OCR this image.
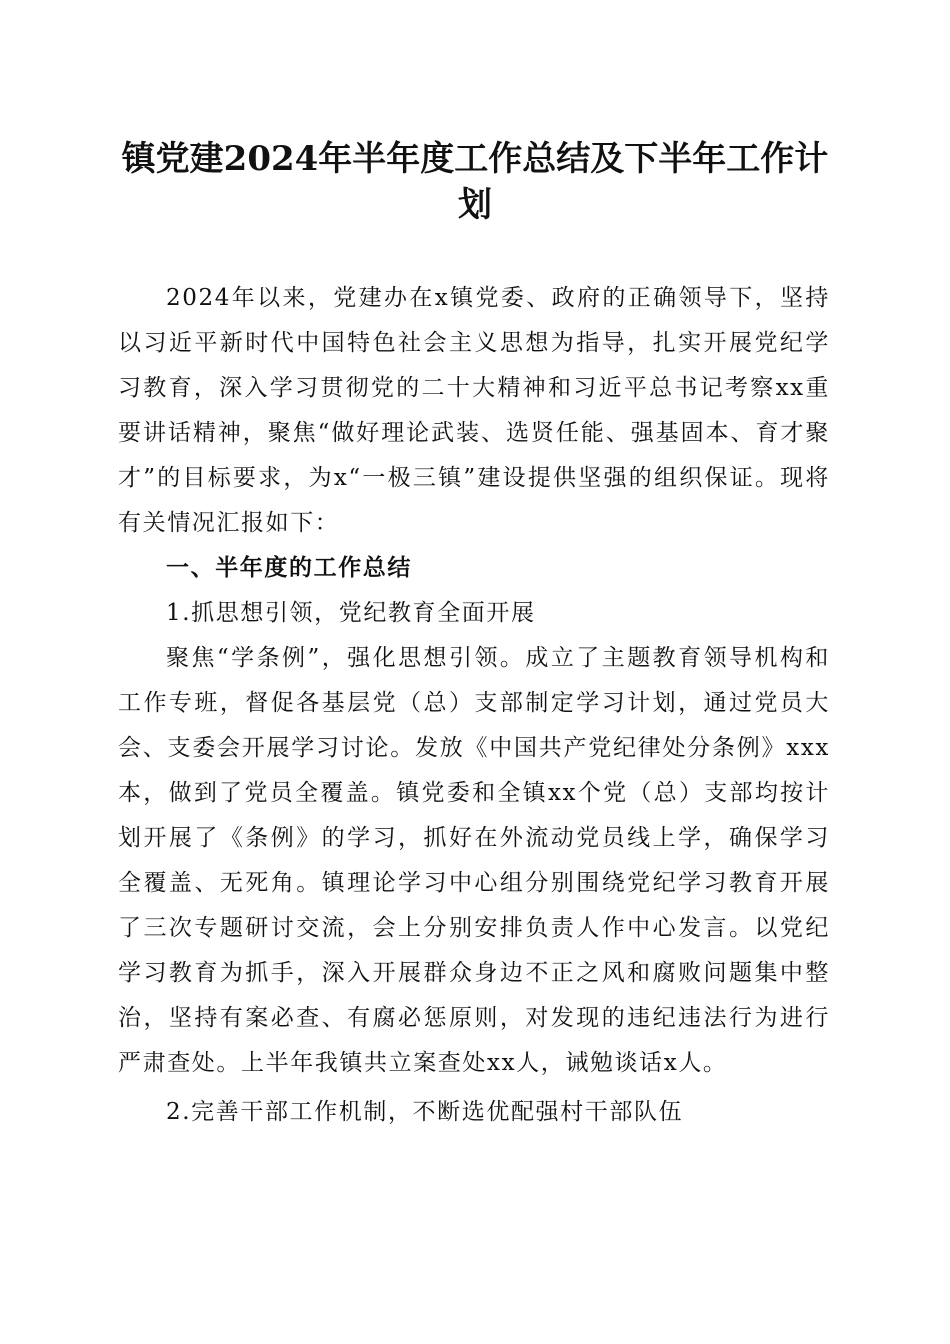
镇党建2024年半年度工作总结及下半年工作计划

2024年以来，党建办在x镇党委、政府的正确领导下，坚持以习近平新时代中国特色社会主义思想为指导，扎实开展党纪学习教育，深入学习贯彻党的二十大精神和习近平总书记考察xx重要讲话精神，聚焦“做好理论武装、选贤任能、强基固本、育才聚才”的目标要求，为x“一极三镇”建设提供坚强的组织保证。现将有关情况汇报如下：

一、半年度的工作总结

1.抓思想引领，党纪教育全面开展

聚焦“学条例”，强化思想引领。成立了主题教育领导机构和工作专班，督促各基层党（总）支部制定学习计划，通过党员大会、支委会开展学习讨论。发放《中国共产党纪律处分条例》xxx本，做到了党员全覆盖。镇党委和全镇xx个党（总）支部均按计划开展了《条例》的学习，抓好在外流动党员线上学，确保学习全覆盖、无死角。镇理论学习中心组分别围绕党纪学习教育开展了三次专题研讨交流，会上分别安排负责人作中心发言。以党纪学习教育为抓手，深入开展群众身边不正之风和腐败问题集中整治，坚持有案必查、有腐必惩原则，对发现的违纪违法行为进行严肃查处。上半年我镇共立案查处xx人，诫勉谈话x人。

2.完善干部工作机制，不断选优配强村干部队伍
